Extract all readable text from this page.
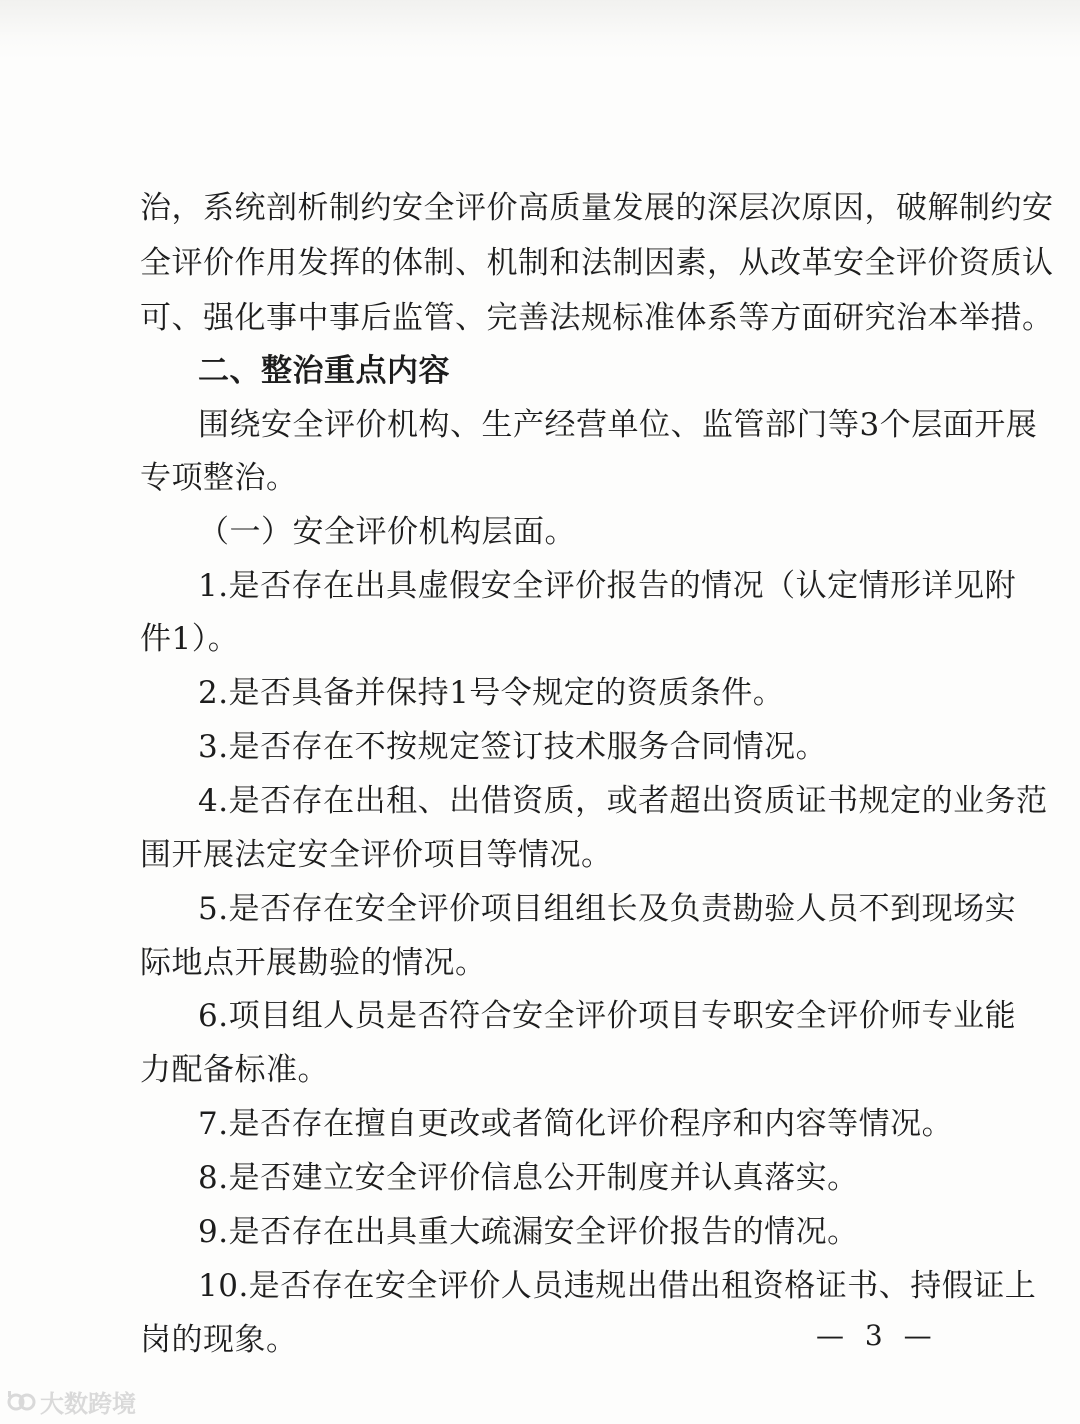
治，系统剖析制约安全评价高质量发展的深层次原因，破解制约安
全评价作用发挥的体制、机制和法制因素，从改革安全评价资质认
可、强化事中事后监管、完善法规标准体系等方面研究治本举措。
二、整治重点内容
围绕安全评价机构、生产经营单位、监管部门等3个层面开展
专项整治。
（一）安全评价机构层面。
1.是否存在出具虚假安全评价报告的情况（认定情形详见附
件1）。
2.是否具备并保持1号令规定的资质条件。
3.是否存在不按规定签订技术服务合同情况。
4.是否存在出租、出借资质，或者超出资质证书规定的业务范
围开展法定安全评价项目等情况。
5.是否存在安全评价项目组组长及负责勘验人员不到现场实
际地点开展勘验的情况。
6.项目组人员是否符合安全评价项目专职安全评价师专业能
力配备标准。
7.是否存在擅自更改或者简化评价程序和内容等情况。
8.是否建立安全评价信息公开制度并认真落实。
9.是否存在出具重大疏漏安全评价报告的情况。
10.是否存在安全评价人员违规出借出租资格证书、持假证上
岗的现象。	— 3 —
大数跨境
